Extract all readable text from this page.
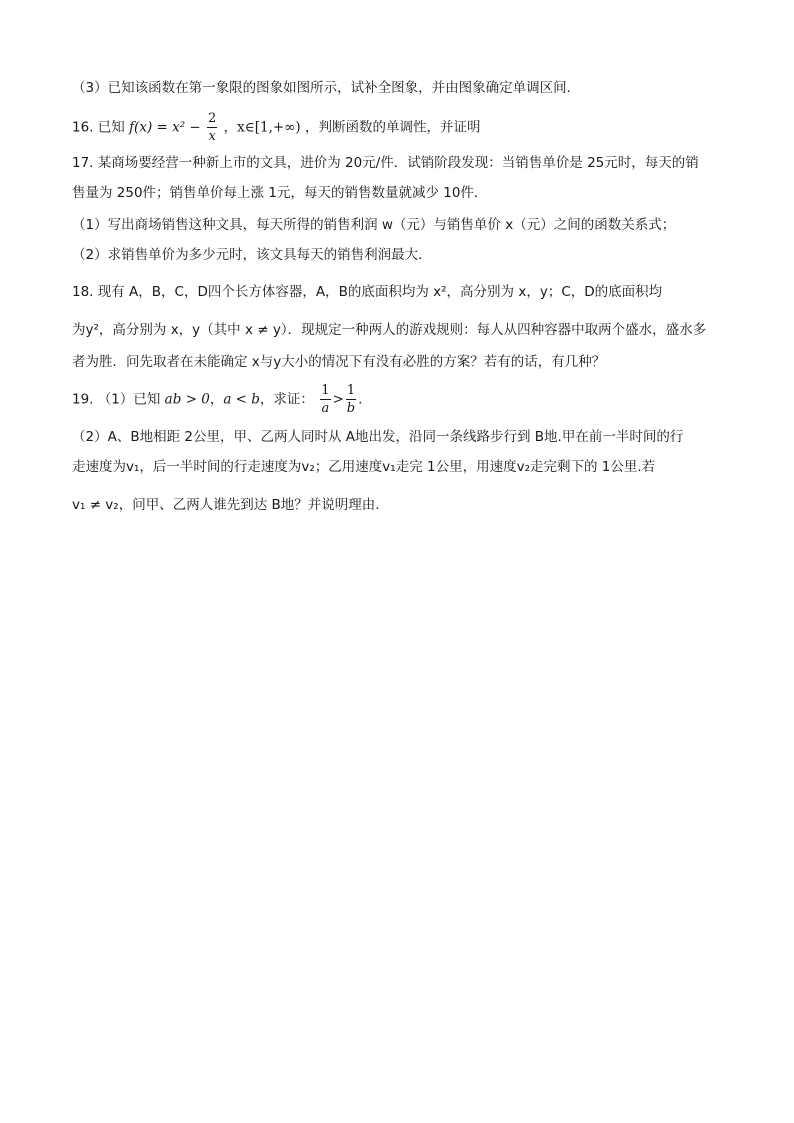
（3）已知该函数在第一象限的图象如图所示，试补全图象，并由图象确定单调区间.
16. 已知 $f(x) = x^2 - \frac{2}{x}$ ，x∈[1,+∞) ，判断函数的单调性，并证明
17. 某商场要经营一种新上市的文具，进价为 20元/件．试销阶段发现：当销售单价是 25元时，每天的销
售量为 250件；销售单价每上涨 1元，每天的销售数量就减少 10件．
（1）写出商场销售这种文具，每天所得的销售利润 w（元）与销售单价 x（元）之间的函数关系式；
（2）求销售单价为多少元时，该文具每天的销售利润最大．
18. 现有 A，B，C，D四个长方体容器，A，B的底面积均为 x²，高分别为 x，y；C，D的底面积均
为y²，高分别为 x，y（其中 x ≠ y）．现规定一种两人的游戏规则：每人从四种容器中取两个盛水，盛水多
者为胜．问先取者在未能确定 x与y大小的情况下有没有必胜的方案？若有的话，有几种？
19. （1）已知 ab > 0，a < b，求证： $\frac{1}{a} > \frac{1}{b}$ .
（2）A、B地相距 2公里，甲、乙两人同时从 A地出发，沿同一条线路步行到 B地.甲在前一半时间的行
走速度为v₁，后一半时间的行走速度为v₂；乙用速度v₁走完 1公里，用速度v₂走完剩下的 1公里.若
v₁ ≠ v₂，问甲、乙两人谁先到达 B地？并说明理由.
